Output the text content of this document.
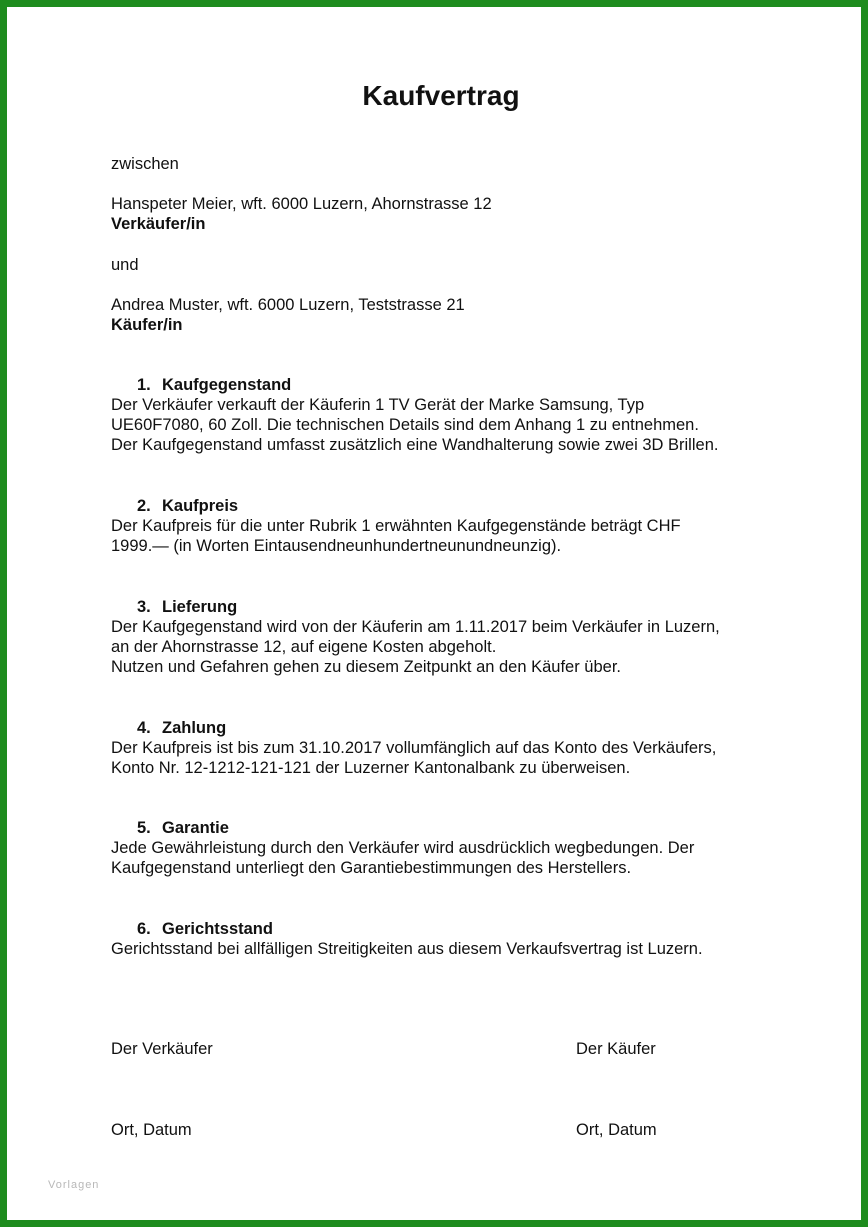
Kaufvertrag
zwischen
Hanspeter Meier, wft. 6000 Luzern, Ahornstrasse 12
Verkäufer/in
und
Andrea Muster, wft. 6000 Luzern, Teststrasse 21
Käufer/in
1. Kaufgegenstand
Der Verkäufer verkauft der Käuferin 1 TV Gerät der Marke Samsung, Typ
UE60F7080, 60 Zoll. Die technischen Details sind dem Anhang 1 zu entnehmen.
Der Kaufgegenstand umfasst zusätzlich eine Wandhalterung sowie zwei 3D Brillen.
2. Kaufpreis
Der Kaufpreis für die unter Rubrik 1 erwähnten Kaufgegenstände beträgt CHF
1999.— (in Worten Eintausendneunhundertneunundneunzig).
3. Lieferung
Der Kaufgegenstand wird von der Käuferin am 1.11.2017 beim Verkäufer in Luzern,
an der Ahornstrasse 12, auf eigene Kosten abgeholt.
Nutzen und Gefahren gehen zu diesem Zeitpunkt an den Käufer über.
4. Zahlung
Der Kaufpreis ist bis zum 31.10.2017 vollumfänglich auf das Konto des Verkäufers,
Konto Nr. 12-1212-121-121 der Luzerner Kantonalbank zu überweisen.
5. Garantie
Jede Gewährleistung durch den Verkäufer wird ausdrücklich wegbedungen. Der
Kaufgegenstand unterliegt den Garantiebestimmungen des Herstellers.
6. Gerichtsstand
Gerichtsstand bei allfälligen Streitigkeiten aus diesem Verkaufsvertrag ist Luzern.
Der Verkäufer	Der Käufer
Ort, Datum	Ort, Datum
Vorlagen
